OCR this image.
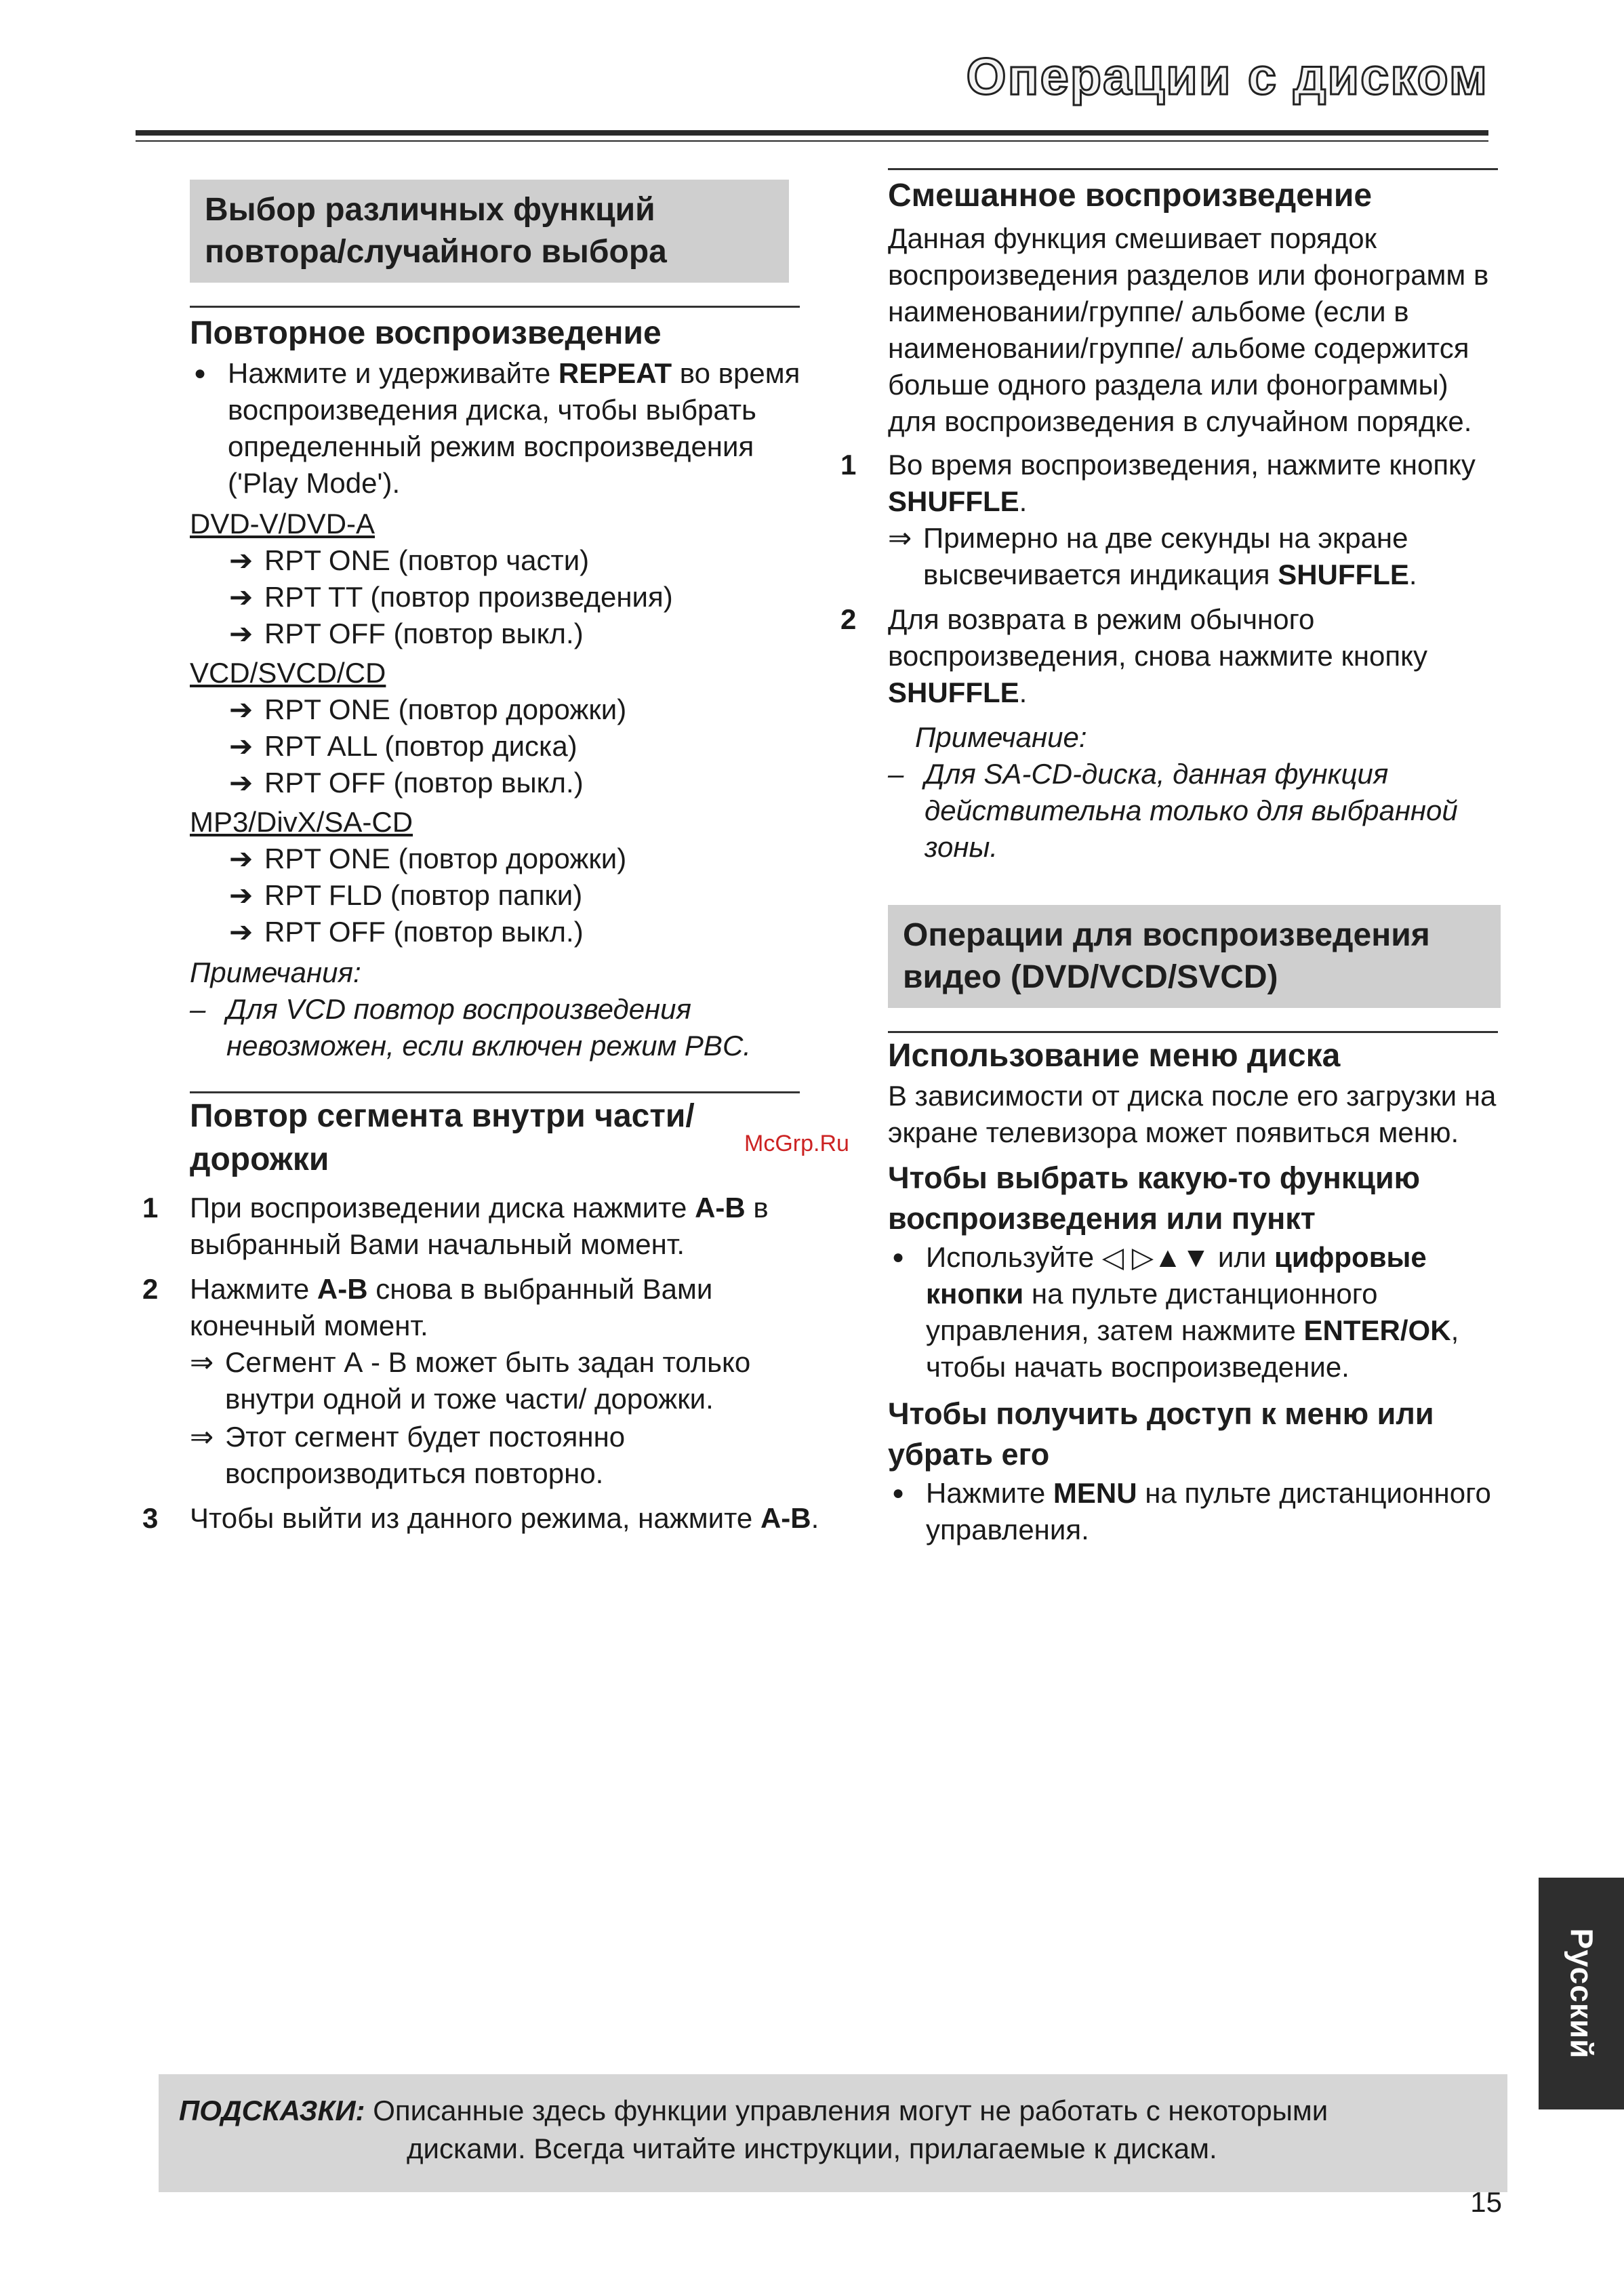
Операции с диском
Выбор различных функций
повтора/случайного выбора
Повторное воспроизведение
● Нажмите и удерживайте REPEAT во время воспроизведения диска, чтобы выбрать определенный режим воспроизведения ('Play Mode').
DVD-V/DVD-A
➔ RPT ONE (повтор части)
➔ RPT TT (повтор произведения)
➔ RPT OFF (повтор выкл.)
VCD/SVCD/CD
➔ RPT ONE (повтор дорожки)
➔ RPT ALL (повтор диска)
➔ RPT OFF (повтор выкл.)
MP3/DivX/SA-CD
➔ RPT ONE (повтор дорожки)
➔ RPT FLD (повтор папки)
➔ RPT OFF (повтор выкл.)
Примечания:
– Для VCD повтор воспроизведения невозможен, если включен режим PBC.
Повтор сегмента внутри части/
дорожки
1	При воспроизведении диска нажмите A-B в выбранный Вами начальный момент.
2	Нажмите A-B снова в выбранный Вами конечный момент.
⇒ Сегмент А - В может быть задан только внутри одной и тоже части/ дорожки.
⇒ Этот сегмент будет постоянно воспроизводиться повторно.
3	Чтобы выйти из данного режима, нажмите A-B.
Смешанное воспроизведение
Данная функция смешивает порядок воспроизведения разделов или фонограмм в наименовании/группе/ альбоме (если в наименовании/группе/ альбоме содержится больше одного раздела или фонограммы) для воспроизведения в случайном порядке.
1	Во время воспроизведения, нажмите кнопку SHUFFLE.
⇒ Примерно на две секунды на экране высвечивается индикация SHUFFLE.
2	Для возврата в режим обычного воспроизведения, снова нажмите кнопку SHUFFLE.
Примечание:
– Для SA-CD-диска, данная функция действительна только для выбранной зоны.
Операции для воспроизведения
видео (DVD/VCD/SVCD)
Использование меню диска
В зависимости от диска после его загрузки на экране телевизора может появиться меню.
Чтобы выбрать какую-то функцию воспроизведения или пункт
● Используйте ◁ ▷▲▼ или цифровые кнопки на пульте дистанционного управления, затем нажмите ENTER/OK, чтобы начать воспроизведение.
Чтобы получить доступ к меню или убрать его
● Нажмите MENU на пульте дистанционного управления.
McGrp.Ru
Русский
ПОДСКАЗКИ: Описанные здесь функции управления могут не работать с некоторыми
дисками. Всегда читайте инструкции, прилагаемые к дискам.
15
